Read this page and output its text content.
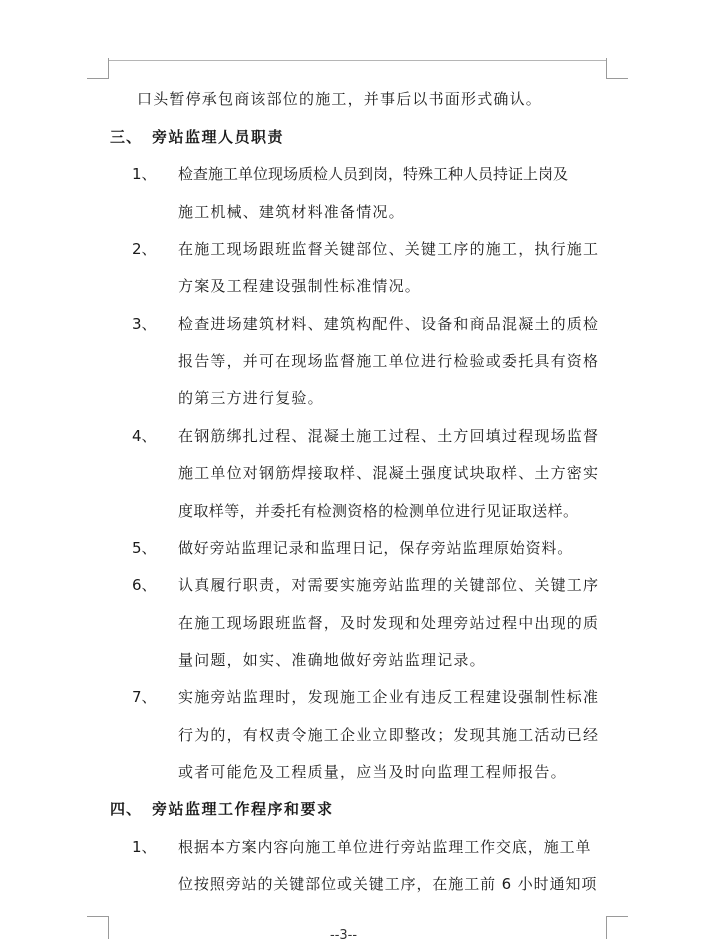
口头暂停承包商该部位的施工，并事后以书面形式确认。
三、 旁站监理人员职责
1、 检查施工单位现场质检人员到岗，特殊工种人员持证上岗及
施工机械、建筑材料准备情况。
2、 在施工现场跟班监督关键部位、关键工序的施工，执行施工
方案及工程建设强制性标准情况。
3、 检查进场建筑材料、建筑构配件、设备和商品混凝土的质检
报告等，并可在现场监督施工单位进行检验或委托具有资格
的第三方进行复验。
4、 在钢筋绑扎过程、混凝土施工过程、土方回填过程现场监督
施工单位对钢筋焊接取样、混凝土强度试块取样、土方密实
度取样等，并委托有检测资格的检测单位进行见证取送样。
5、 做好旁站监理记录和监理日记，保存旁站监理原始资料。
6、 认真履行职责，对需要实施旁站监理的关键部位、关键工序
在施工现场跟班监督，及时发现和处理旁站过程中出现的质
量问题，如实、准确地做好旁站监理记录。
7、 实施旁站监理时，发现施工企业有违反工程建设强制性标准
行为的，有权责令施工企业立即整改；发现其施工活动已经
或者可能危及工程质量，应当及时向监理工程师报告。
四、 旁站监理工作程序和要求
1、 根据本方案内容向施工单位进行旁站监理工作交底，施工单
位按照旁站的关键部位或关键工序，在施工前 6 小时通知项
--3--
